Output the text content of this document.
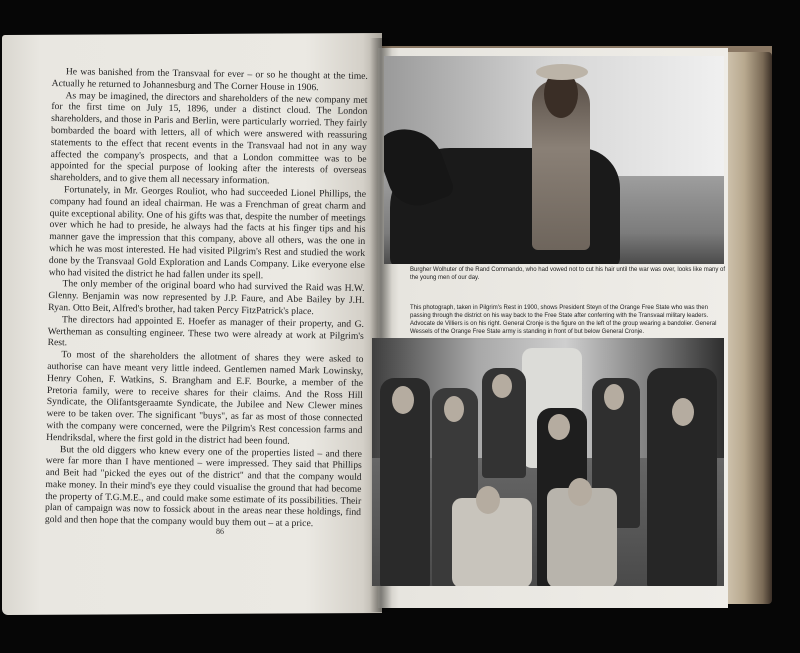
He was banished from the Transvaal for ever – or so he thought at the time. Actually he returned to Johannesburg and The Corner House in 1906.

As may be imagined, the directors and shareholders of the new company met for the first time on July 15, 1896, under a distinct cloud. The London shareholders, and those in Paris and Berlin, were particularly worried. They fairly bombarded the board with letters, all of which were answered with reassuring statements to the effect that recent events in the Transvaal had not in any way affected the company's prospects, and that a London committee was to be appointed for the special purpose of looking after the interests of overseas shareholders, and to give them all necessary information.

Fortunately, in Mr. Georges Rouliot, who had succeeded Lionel Phillips, the company had found an ideal chairman. He was a Frenchman of great charm and quite exceptional ability. One of his gifts was that, despite the number of meetings over which he had to preside, he always had the facts at his finger tips and his manner gave the impression that this company, above all others, was the one in which he was most interested. He had visited Pilgrim's Rest and studied the work done by the Transvaal Gold Exploration and Lands Company. Like everyone else who had visited the district he had fallen under its spell.

The only member of the original board who had survived the Raid was H.W. Glenny. Benjamin was now represented by J.P. Faure, and Abe Bailey by J.H. Ryan. Otto Beit, Alfred's brother, had taken Percy FitzPatrick's place.

The directors had appointed E. Hoefer as manager of their property, and G. Wertheman as consulting engineer. These two were already at work at Pilgrim's Rest.

To most of the shareholders the allotment of shares they were asked to authorise can have meant very little indeed. Gentlemen named Mark Lowinsky, Henry Cohen, F. Watkins, S. Brangham and E.F. Bourke, a member of the Pretoria family, were to receive shares for their claims. And the Ross Hill Syndicate, the Olifantsgeraamte Syndicate, the Jubilee and New Clewer mines were to be taken over. The significant "buys", as far as most of those connected with the company were concerned, were the Pilgrim's Rest concession farms and Hendriksdal, where the first gold in the district had been found.

But the old diggers who knew every one of the properties listed – and there were far more than I have mentioned – were impressed. They said that Phillips and Beit had "picked the eyes out of the district" and that the company would make money. In their mind's eye they could visualise the ground that had become the property of T.G.M.E., and could make some estimate of its possibilities. Their plan of campaign was now to fossick about in the areas near these holdings, find gold and then hope that the company would buy them out – at a price.

86
Burgher Wolhuter of the Rand Commando, who had vowed not to cut his hair until the war was over, looks like many of the young men of our day.
This photograph, taken in Pilgrim's Rest in 1900, shows President Steyn of the Orange Free State who was then passing through the district on his way back to the Free State after conferring with the Transvaal military leaders. Advocate de Villiers is on his right. General Cronje is the figure on the left of the group wearing a bandolier. General Wessels of the Orange Free State army is standing in front of but below General Cronje.
